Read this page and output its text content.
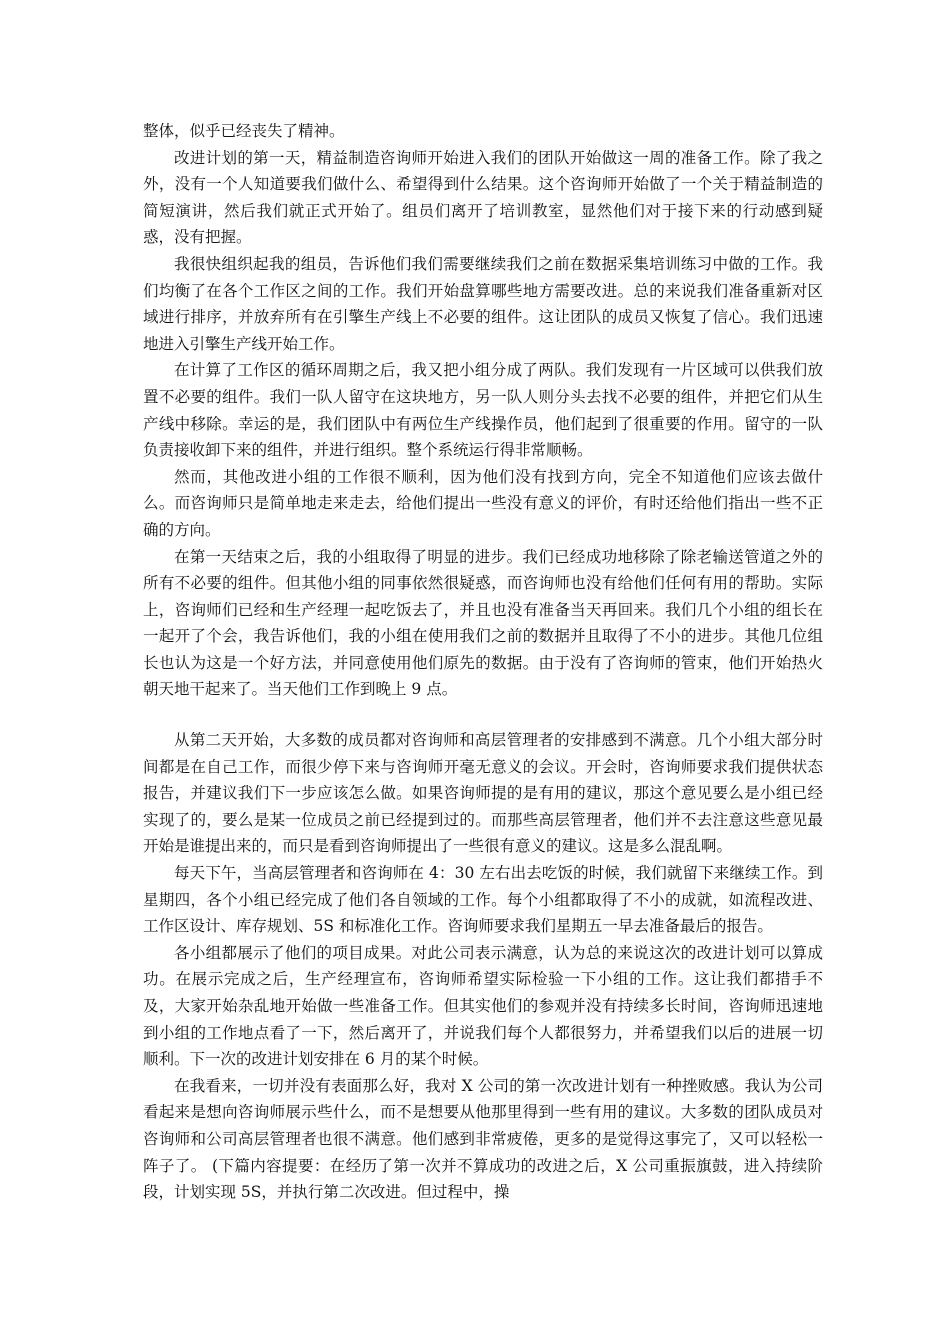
整体，似乎已经丧失了精神。

改进计划的第一天，精益制造咨询师开始进入我们的团队开始做这一周的准备工作。除了我之外，没有一个人知道要我们做什么、希望得到什么结果。这个咨询师开始做了一个关于精益制造的简短演讲，然后我们就正式开始了。组员们离开了培训教室，显然他们对于接下来的行动感到疑惑，没有把握。

我很快组织起我的组员，告诉他们我们需要继续我们之前在数据采集培训练习中做的工作。我们均衡了在各个工作区之间的工作。我们开始盘算哪些地方需要改进。总的来说我们准备重新对区域进行排序，并放弃所有在引擎生产线上不必要的组件。这让团队的成员又恢复了信心。我们迅速地进入引擎生产线开始工作。

在计算了工作区的循环周期之后，我又把小组分成了两队。我们发现有一片区域可以供我们放置不必要的组件。我们一队人留守在这块地方，另一队人则分头去找不必要的组件，并把它们从生产线中移除。幸运的是，我们团队中有两位生产线操作员，他们起到了很重要的作用。留守的一队负责接收卸下来的组件，并进行组织。整个系统运行得非常顺畅。

然而，其他改进小组的工作很不顺利，因为他们没有找到方向，完全不知道他们应该去做什么。而咨询师只是简单地走来走去，给他们提出一些没有意义的评价，有时还给他们指出一些不正确的方向。

在第一天结束之后，我的小组取得了明显的进步。我们已经成功地移除了除老输送管道之外的所有不必要的组件。但其他小组的同事依然很疑惑，而咨询师也没有给他们任何有用的帮助。实际上，咨询师们已经和生产经理一起吃饭去了，并且也没有准备当天再回来。我们几个小组的组长在一起开了个会，我告诉他们，我的小组在使用我们之前的数据并且取得了不小的进步。其他几位组长也认为这是一个好方法，并同意使用他们原先的数据。由于没有了咨询师的管束，他们开始热火朝天地干起来了。当天他们工作到晚上 9 点。

从第二天开始，大多数的成员都对咨询师和高层管理者的安排感到不满意。几个小组大部分时间都是在自己工作，而很少停下来与咨询师开毫无意义的会议。开会时，咨询师要求我们提供状态报告，并建议我们下一步应该怎么做。如果咨询师提的是有用的建议，那这个意见要么是小组已经实现了的，要么是某一位成员之前已经提到过的。而那些高层管理者，他们并不去注意这些意见最开始是谁提出来的，而只是看到咨询师提出了一些很有意义的建议。这是多么混乱啊。

每天下午，当高层管理者和咨询师在 4：30 左右出去吃饭的时候，我们就留下来继续工作。到星期四，各个小组已经完成了他们各自领域的工作。每个小组都取得了不小的成就，如流程改进、工作区设计、库存规划、5S 和标准化工作。咨询师要求我们星期五一早去准备最后的报告。

各小组都展示了他们的项目成果。对此公司表示满意，认为总的来说这次的改进计划可以算成功。在展示完成之后，生产经理宣布，咨询师希望实际检验一下小组的工作。这让我们都措手不及，大家开始杂乱地开始做一些准备工作。但其实他们的参观并没有持续多长时间，咨询师迅速地到小组的工作地点看了一下，然后离开了，并说我们每个人都很努力，并希望我们以后的进展一切顺利。下一次的改进计划安排在 6 月的某个时候。

在我看来，一切并没有表面那么好，我对 X 公司的第一次改进计划有一种挫败感。我认为公司看起来是想向咨询师展示些什么，而不是想要从他那里得到一些有用的建议。大多数的团队成员对咨询师和公司高层管理者也很不满意。他们感到非常疲倦，更多的是觉得这事完了，又可以轻松一阵子了。 (下篇内容提要：在经历了第一次并不算成功的改进之后，X 公司重振旗鼓，进入持续阶段，计划实现 5S，并执行第二次改进。但过程中，操
